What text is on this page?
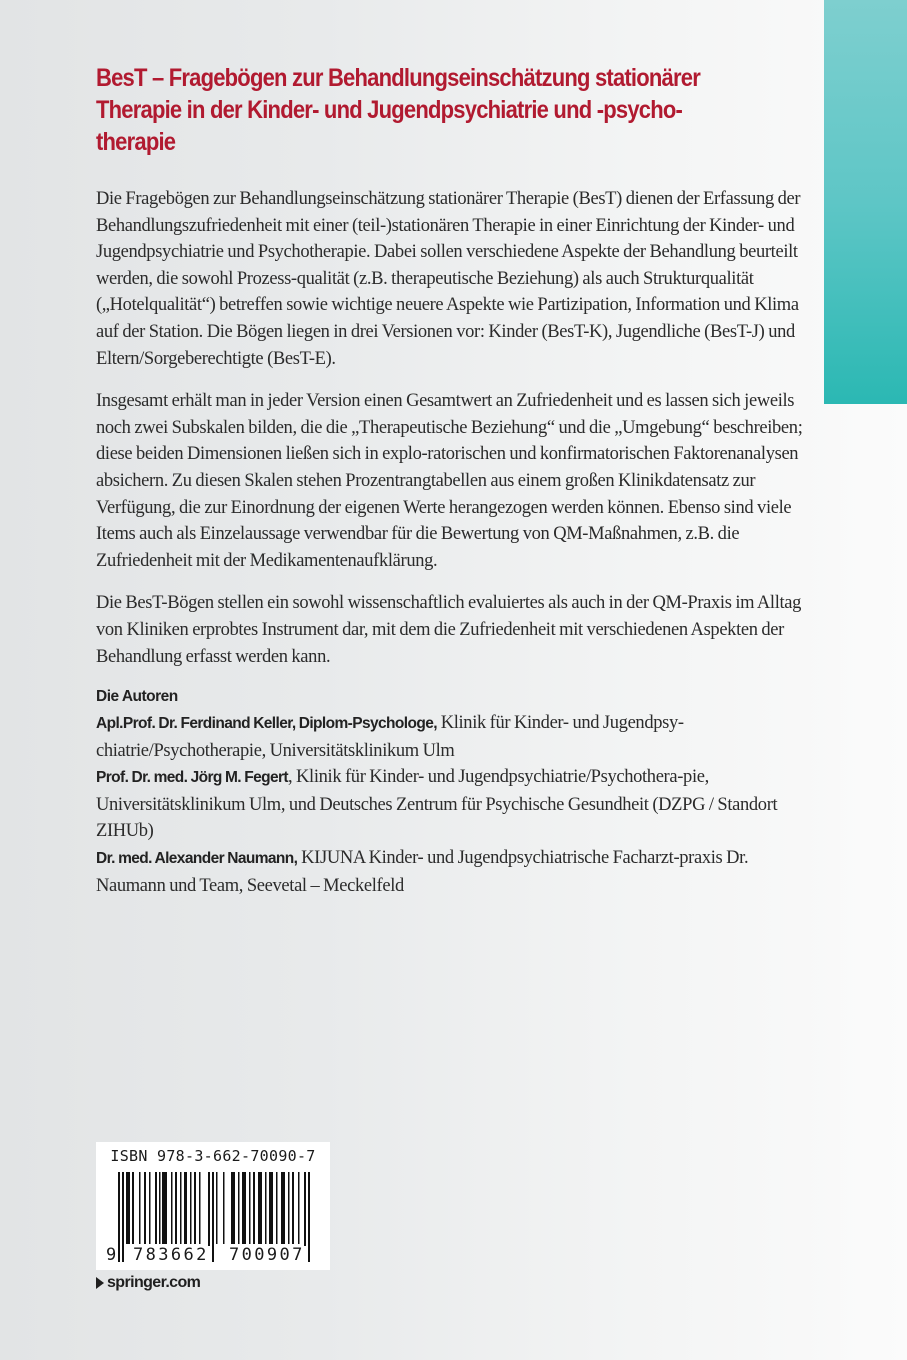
BesT – Fragebögen zur Behandlungseinschätzung stationärer
Therapie in der Kinder- und Jugendpsychiatrie und -psycho-
therapie

Die Fragebögen zur Behandlungseinschätzung stationärer Therapie (BesT) dienen der Erfassung der Behandlungszufriedenheit mit einer (teil-)stationären Therapie in einer Einrichtung der Kinder- und Jugendpsychiatrie und Psychotherapie. Dabei sollen verschiedene Aspekte der Behandlung beurteilt werden, die sowohl Prozess-qualität (z.B. therapeutische Beziehung) als auch Strukturqualität („Hotelqualität“) betreffen sowie wichtige neuere Aspekte wie Partizipation, Information und Klima auf der Station. Die Bögen liegen in drei Versionen vor: Kinder (BesT-K), Jugendliche (BesT-J) und Eltern/Sorgeberechtigte (BesT-E).

Insgesamt erhält man in jeder Version einen Gesamtwert an Zufriedenheit und es lassen sich jeweils noch zwei Subskalen bilden, die die „Therapeutische Beziehung“ und die „Umgebung“ beschreiben; diese beiden Dimensionen ließen sich in explo-ratorischen und konfirmatorischen Faktorenanalysen absichern. Zu diesen Skalen stehen Prozentrangtabellen aus einem großen Klinikdatensatz zur Verfügung, die zur Einordnung der eigenen Werte herangezogen werden können. Ebenso sind viele Items auch als Einzelaussage verwendbar für die Bewertung von QM-Maßnahmen, z.B. die Zufriedenheit mit der Medikamentenaufklärung.

Die BesT-Bögen stellen ein sowohl wissenschaftlich evaluiertes als auch in der QM-Praxis im Alltag von Kliniken erprobtes Instrument dar, mit dem die Zufriedenheit mit verschiedenen Aspekten der Behandlung erfasst werden kann.

Die Autoren

Apl.Prof. Dr. Ferdinand Keller, Diplom-Psychologe, Klinik für Kinder- und Jugendpsy-chiatrie/Psychotherapie, Universitätsklinikum Ulm

Prof. Dr. med. Jörg M. Fegert, Klinik für Kinder- und Jugendpsychiatrie/Psychothera-pie, Universitätsklinikum Ulm, und Deutsches Zentrum für Psychische Gesundheit (DZPG / Standort ZIHUb)

Dr. med. Alexander Naumann, KIJUNA Kinder- und Jugendpsychiatrische Facharzt-praxis Dr. Naumann und Team, Seevetal – Meckelfeld

ISBN 978-3-662-70090-7
9 783662 700907
springer.com
